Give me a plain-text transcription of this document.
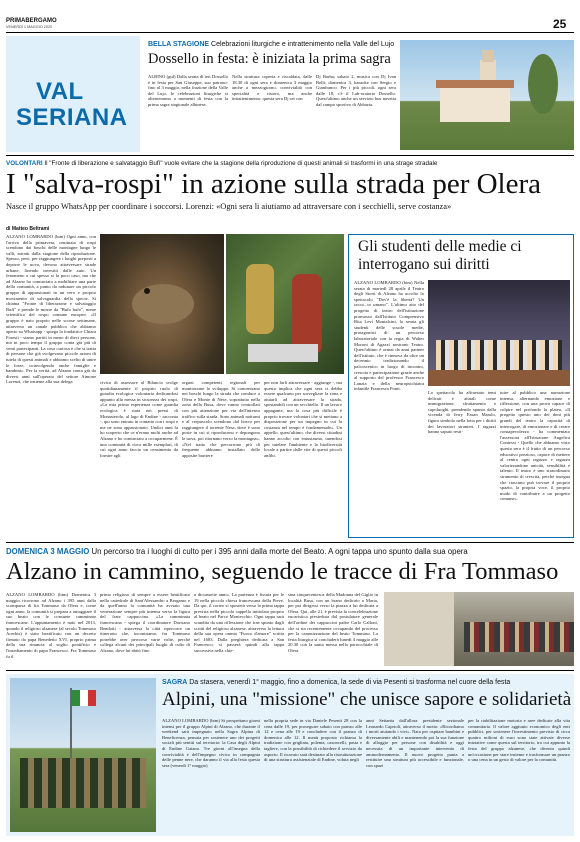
PRIMABERGAMO
VENERDÌ 1 MAGGIO 2020	25
VAL
SERIANA
BELLA STAGIONE Celebrazioni liturgiche e intrattenimento nella Valle del Lujo
Dossello in festa: è iniziata la prima sagra
ALBINO (gtd) Dalla serata di ieri Dossello è in festa per San Giuseppe, suo patrono: fino al 3 maggio, nella frazione della Valle del Lujo, le celebrazioni liturgiche si alterneranno a momenti di festa con la prima sagra stagionale albinese.
Nella struttura coperta e riscaldata, dalle 18.30 di ogni sera e domenica 3 maggio anche a mezzogiorno, convivialità con specialità e ristoro, ma anche intrattenimento: questa sera Dj set con
Dj Barba; sabato 2, musica con Dj Ivan Belli; domenica 3, karaoke con Sergio e Gianfranco. Per i più piccoli, ogni sera dalle 18, c'è il Lab-oratorio Dossello. Quest'ultimo anche un servizio bus navetta dal campo sportivo di Abbazia.
VOLONTARI Il "Fronte di liberazione e salvataggio Bufì" vuole evitare che la stagione della riproduzione di questi animali si trasformi in una strage stradale
I "salva-rospi" in azione sulla strada per Olera
Nasce il gruppo WhatsApp per coordinare i soccorsi. Lorenzi: «Ogni sera li aiutiamo ad attraversare con i secchielli, serve costanza»
di Matteo Beltrami
ALZANO LOMBARDO (btm) Ogni anno, con l'arrivo della primavera, centinaia di rospi scendono dai boschi delle montagne lungo le valli, attratti dalla stagione della riproduzione. Spesso, però, per raggiungere i luoghi preposti a deporre le uova, devono attraversare strade urbane, finendo investiti dalle auto. Un fenomeno a cui spesso si fa poco caso, ma che ad Alzano ha cominciato a mobilitare una parte della comunità, a punto da radunare un piccolo gruppo di appassionati in un vero e proprio movimento di salvaguardia della specie. Si chiama "Fronte di liberazione e salvataggio Bufì" e prende le mosse da "Bufo bufo", nome scientifico del rospo comune europeo. «Il gruppo è nato proprio nelle scorse settimane, attraverso un canale pubblico che abbiamo aperto su Whatsapp - spiega la fondatrice Chiara Foresti - siamo partiti in meno di dieci persone, ma in poco tempo il gruppo conta già più di venti partecipanti. La cosa curiosa è che si tratta di persone che già svolgevano piccole azioni di tutela di questi animali e abbiamo scelto di unire le forze, coinvolgendo anche famiglie e bambini». Per la verità, ad Alzano conta già da diversi anni sull'operato del settore Aimone Lorenzi, che insieme alla sua delega	civica di assessore al Bilancio svolge quotidianamente il proprio ruolo di guardia ecologica volontaria dedicandosi appunto alla messa in sicurezza dei rospi. «La mia prima esperienza come guardia ecologica è stata nei pressi di Monasterolo, al lago di Endine - racconta -, qui sono entrato in contatto con i rospi e me ne sono appassionato. Undici anni fa ho scoperto che ce n'erano molti anche ad Alzano e ho cominciato a occuparmene. È una comunità di circa mille esemplari, di cui ogni anno faccio un censimento da fornire agli
organi competenti regionali per monitorarne lo sviluppo. Si concentrano nei boschi lungo la strada che conduce a Olera e Monte di Nese, soprattutto nella zona della Busa, dove vanno controllati con più attenzione per via dell'intenso traffico sulla strada. Sono animali notturni e al crepuscolo scendono dal bosco per raggiungere il torrente Nesa, dove è sono poste in cui si riproducono e depongono le uova, poi ritornano verso la montagna». «Nel tratto che percorrono più di frequente abbiamo installato delle apposite barriere
per non farli attraversare - aggiunge -, ma questo implica che ogni sera ci debba essere qualcuno per sorvegliare la zona e aiutarli ad attraversare la strada, spostandoli con un secchiello. Il un lavoro appagante, ma la cosa più difficile è proprio trovare volontari che si mettano a disposizione per un impegno in cui la costanza nel tempo è fondamentale». Un appello, quest'ultimo, che diversi cittadini hanno accolto con entusiasmo, unendosi per tutelare l'ambiente e la biodiversità locale a partire dalle vite di questi piccoli anfibi.
Gli studenti delle medie ci interrogano sui diritti
ALZANO LOMBARDO (btm) Nella serata di martedì 28 aprile il Teatro degli Storti di Alzano ha accolto lo spettacolo "Dov'è la libertà? Un racco...to umano". L'ultimo atto del progetto di teatro dell'istituzione promosso dall'Istituto Comprensivo Rita Levi Montalcini, la serata gli studenti delle scuole medie, protagonisti di un percorso laboratoriale con la regia di Walter Moroni di Agazzi nostrano Teatro. Quest'ultimo è ormai da anni partner dell'istituto, che è rinnova da oltre un decennio tradizionando il palcoscenico in luogo di incontro, crescita e partecipazione grazie anche al supporto del professor Francesco Lanzia e della neuropsichiatra infantile Francesca Ponti.
Lo spettacolo ha affrontato temi delicati e attuali come immigrazione, sfruttamento e capoluoghi, prendendo spunto dalla vicenda di Jerry Essan Masslo, figura simbolo nella lotta per i diritti dei lavoratori stranieri. I ragazzi hanno saputo resti-
tuire al pubblico una narrazione intensa, alternando emozione e riflessione, con una prova capace di colpire nel profondo la platea. «Il progetto questo uno dei doni più grandi del teatro la capacità di interrogare, di emozionare e di creare consapevolezza - ha commentato l'assessora all'Istruzione Angelica Contessi - Quello che abbiamo visto questa sera è il frutto di un percorso educativo prezioso, capace di mettere al centro ogni ragazzo e ragazza valorizzandone unicità, sensibilità e talento. Il teatro è uno straordinario strumento di crescita, perché insegna che ciascuno può trovare il proprio spazio, la propria voce, il proprio modo di contribuire a un progetto comune».
DOMENICA 3 MAGGIO Un percorso tra i luoghi di culto per i 395 anni dalla morte del Beato. A ogni tappa uno spunto dalla sua opera
Alzano in cammino, seguendo le tracce di Fra Tommaso
ALZANO LOMBARDO (btm) Domenica 3 maggio ricorrono ad Alzano i 395 anni dalla scomparsa di fra Tommaso da Olera e, come ogni anno, la comunità si prepara a omaggiare il suo beato con le consuete camminate francescane. L'appuntamento è nato nel 2013, quando il religioso alzanese (al secolo Tommaso Acerbis) è stato beatificato con un decreto firmato da papa Benedetto XVI, proprio prima della sua rinuncia al soglio pontificio e l'insediamento di papa Francesco. Fra Tommaso fu il
primo religioso di sempre a essere beatificato nella cattedrale di Sant'Alessandro a Bergamo e da quell'anno la comunità ha avviato una venerazione sempre più intensa verso la figura del frate cappuccino. «La camminata francescana - spiega il coordinatore Dorriano Bendotti - attraversa la città ripercorre un itinerario che, incontriamo, fra Tommaso potrebbe aver percorso varie volte, perché collega alcuni dei principali luoghi di culto di Alzano, dove lui abitò fino
a diciassette anni». La partenza è fissata per le 19 nella piccola chiesa francescana della Pieve. Da qui, il corteo si sposterà verso la prima tappa prevista nella piccola cappella intitolata proprio al beato nel Parco Montecchio. Ogni tappa sarà scandita da una riflessione che trae spunto dagli scritti del religioso alzanese, attraverso la lettura della sua opera omnia "Fuoco d'amore" scritta nel 1683. Dalla preghiera dedicata a San Francesco, si passerà quindi alla tappa successiva nella chie-
sina cinquecentesca della Madonna del Giglio in località Busa, con un brano dedicato a Maria, per poi dirigersi verso la piazza a lui dedicata a Olera. Qui, alle 21, è prevista la concelebrazione eucaristica presieduta dal postulatore generale dell'ordine dei cappuccini padre Carlo Calloni, che si sta recentemente occupando del processo per la canonizzazione del beato Tommaso. La festa liturgica si concluderà lunedì 4 maggio alle 20.30 con la santa messa nella parrocchiale di Olera.
SAGRA Da stasera, venerdì 1° maggio, fino a domenica, la sede di via Pesenti si trasforma nel cuore della festa
Alpini, una "missione" che unisce sapore e solidarietà
ALZANO LOMBARDO (btm) Si prospettano giorni intensi per il gruppo Alpini di Alzano, che durante il weekend sarà impegnato nella Sagra Alpina di Beneficenza, pensata per sostenere uno dei progetti sociali più sentiti sul territorio: la Casa degli Alpini di Endine Gaiano. Tre giorni all'insegna della convivialità e dell'impegno civico in compagnia delle penne nere, che daranno il via alla festa questa sera (venerdì 1° maggio)
nella propria sede in via Daniele Pesenti 28 con la cena dalle 19, per proseguire sabato con pranzo alle 12 e cena alle 19 e concludere con il pranzo di domenica alle 12. Il menù proposto richiama la tradizione con grigliata, polenta, casoncelli, pasta e tagliere, con la possibilità di richiedere il servizio da asporto. Il ricavato sarà destinato alla ristrutturazione di una struttura assistenziale di Endine, voluta negli
anni Settanta dall'allora presidente sezionale Leonardo Caprioli, attraverso il motto: «Ricordiamo i morti aiutando i vivi». Nata per ospitare bambini e diversamente abili e mantenendo poi la sua funzione di alloggio per persone con disabilità e oggi necessita di un importante intervento di ammodernamento. Il nuovo progetto punta a restituire una struttura più accessibile e funzionale, con spazi
per la riabilitazione motoria e aree dedicate alla vita comunitaria. Il valore aggiunto economico degli enti pubblici, per sostenere l'investimento previsto di circa quattro milioni di euro sono state attivate diverse iniziative come questa sul territorio, tra cui appunto la festa del gruppo alzanese, che diventa quindi un'occasione per stare insieme e trasformare un pranzo o una cena in un gesto di valore per la comunità.
